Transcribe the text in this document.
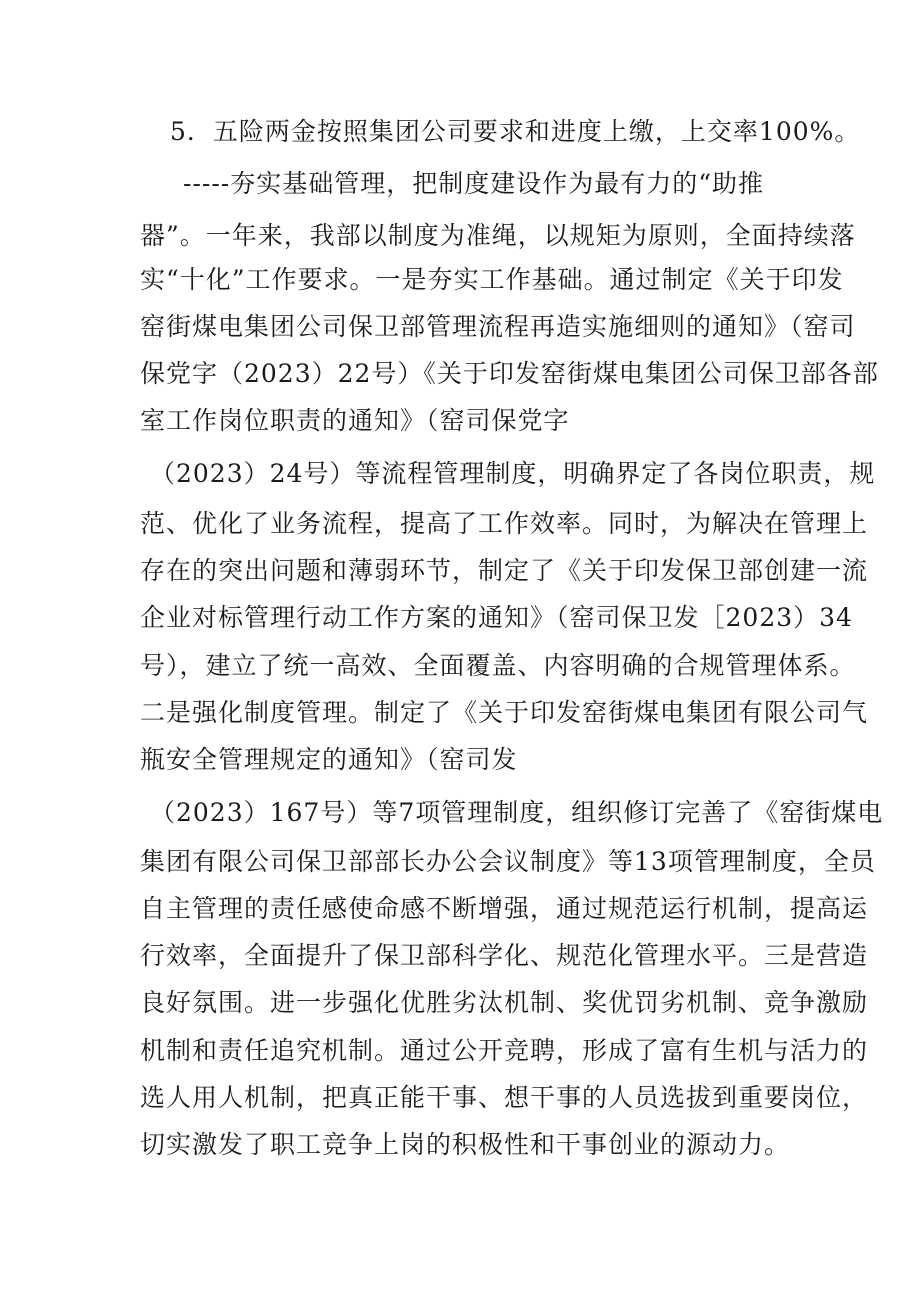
5．五险两金按照集团公司要求和进度上缴，上交率100%。
-----夯实基础管理，把制度建设作为最有力的“助推
器”。一年来，我部以制度为准绳，以规矩为原则，全面持续落
实“十化”工作要求。一是夯实工作基础。通过制定《关于印发
窑街煤电集团公司保卫部管理流程再造实施细则的通知》（窑司
保党字（2023）22号）《关于印发窑街煤电集团公司保卫部各部
室工作岗位职责的通知》（窑司保党字
（2023）24号）等流程管理制度，明确界定了各岗位职责，规
范、优化了业务流程，提高了工作效率。同时，为解决在管理上
存在的突出问题和薄弱环节，制定了《关于印发保卫部创建一流
企业对标管理行动工作方案的通知》（窑司保卫发［2023）34
号），建立了统一高效、全面覆盖、内容明确的合规管理体系。
二是强化制度管理。制定了《关于印发窑街煤电集团有限公司气
瓶安全管理规定的通知》（窑司发
（2023）167号）等7项管理制度，组织修订完善了《窑街煤电
集团有限公司保卫部部长办公会议制度》等13项管理制度，全员
自主管理的责任感使命感不断增强，通过规范运行机制，提高运
行效率，全面提升了保卫部科学化、规范化管理水平。三是营造
良好氛围。进一步强化优胜劣汰机制、奖优罚劣机制、竞争激励
机制和责任追究机制。通过公开竞聘，形成了富有生机与活力的
选人用人机制，把真正能干事、想干事的人员选拔到重要岗位，
切实激发了职工竞争上岗的积极性和干事创业的源动力。
